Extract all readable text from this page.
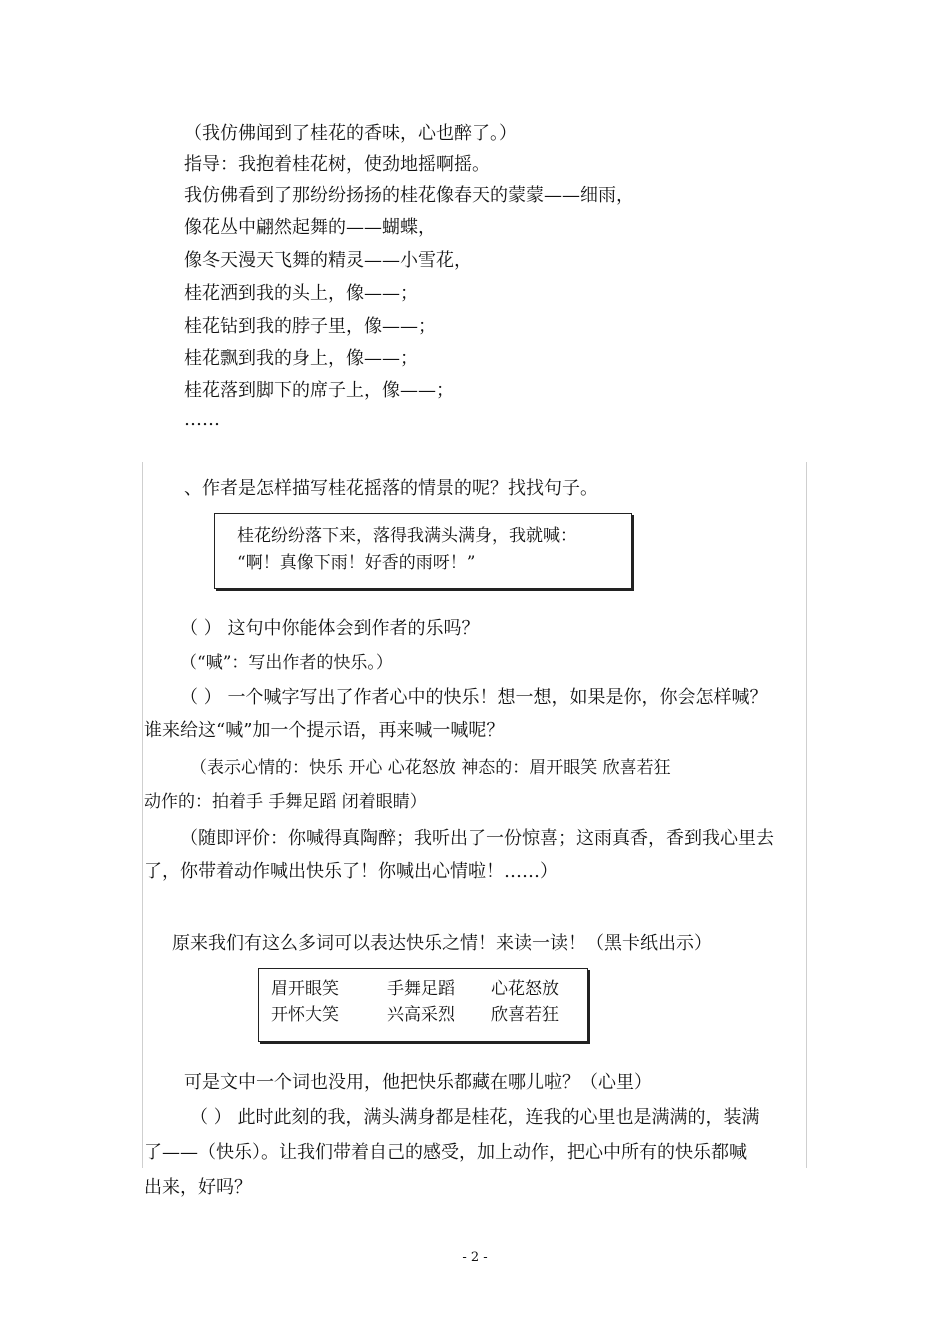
（我仿佛闻到了桂花的香味，心也醉了。）
指导：我抱着桂花树，使劲地摇啊摇。
我仿佛看到了那纷纷扬扬的桂花像春天的蒙蒙——细雨，
像花丛中翩然起舞的——蝴蝶，
像冬天漫天飞舞的精灵——小雪花，
桂花洒到我的头上，像——；
桂花钻到我的脖子里，像——；
桂花飘到我的身上，像——；
桂花落到脚下的席子上，像——；
……
、作者是怎样描写桂花摇落的情景的呢？找找句子。
桂花纷纷落下来，落得我满头满身，我就喊：
“啊！真像下雨！好香的雨呀！”
（ ） 这句中你能体会到作者的乐吗？
（“喊”：写出作者的快乐。）
（ ） 一个喊字写出了作者心中的快乐！想一想，如果是你，你会怎样喊？
谁来给这“喊”加一个提示语，再来喊一喊呢？
（表示心情的：快乐 开心 心花怒放 神态的：眉开眼笑 欣喜若狂
动作的：拍着手 手舞足蹈 闭着眼睛）
（随即评价：你喊得真陶醉；我听出了一份惊喜；这雨真香，香到我心里去
了，你带着动作喊出快乐了！你喊出心情啦！……）
原来我们有这么多词可以表达快乐之情！来读一读！（黑卡纸出示）
眉开眼笑	手舞足蹈 心花怒放
开怀大笑	兴高采烈 欣喜若狂
可是文中一个词也没用，他把快乐都藏在哪儿啦？（心里）
（ ） 此时此刻的我，满头满身都是桂花，连我的心里也是满满的，装满
了——（快乐）。让我们带着自己的感受，加上动作，把心中所有的快乐都喊
出来，好吗？
- 2 -
